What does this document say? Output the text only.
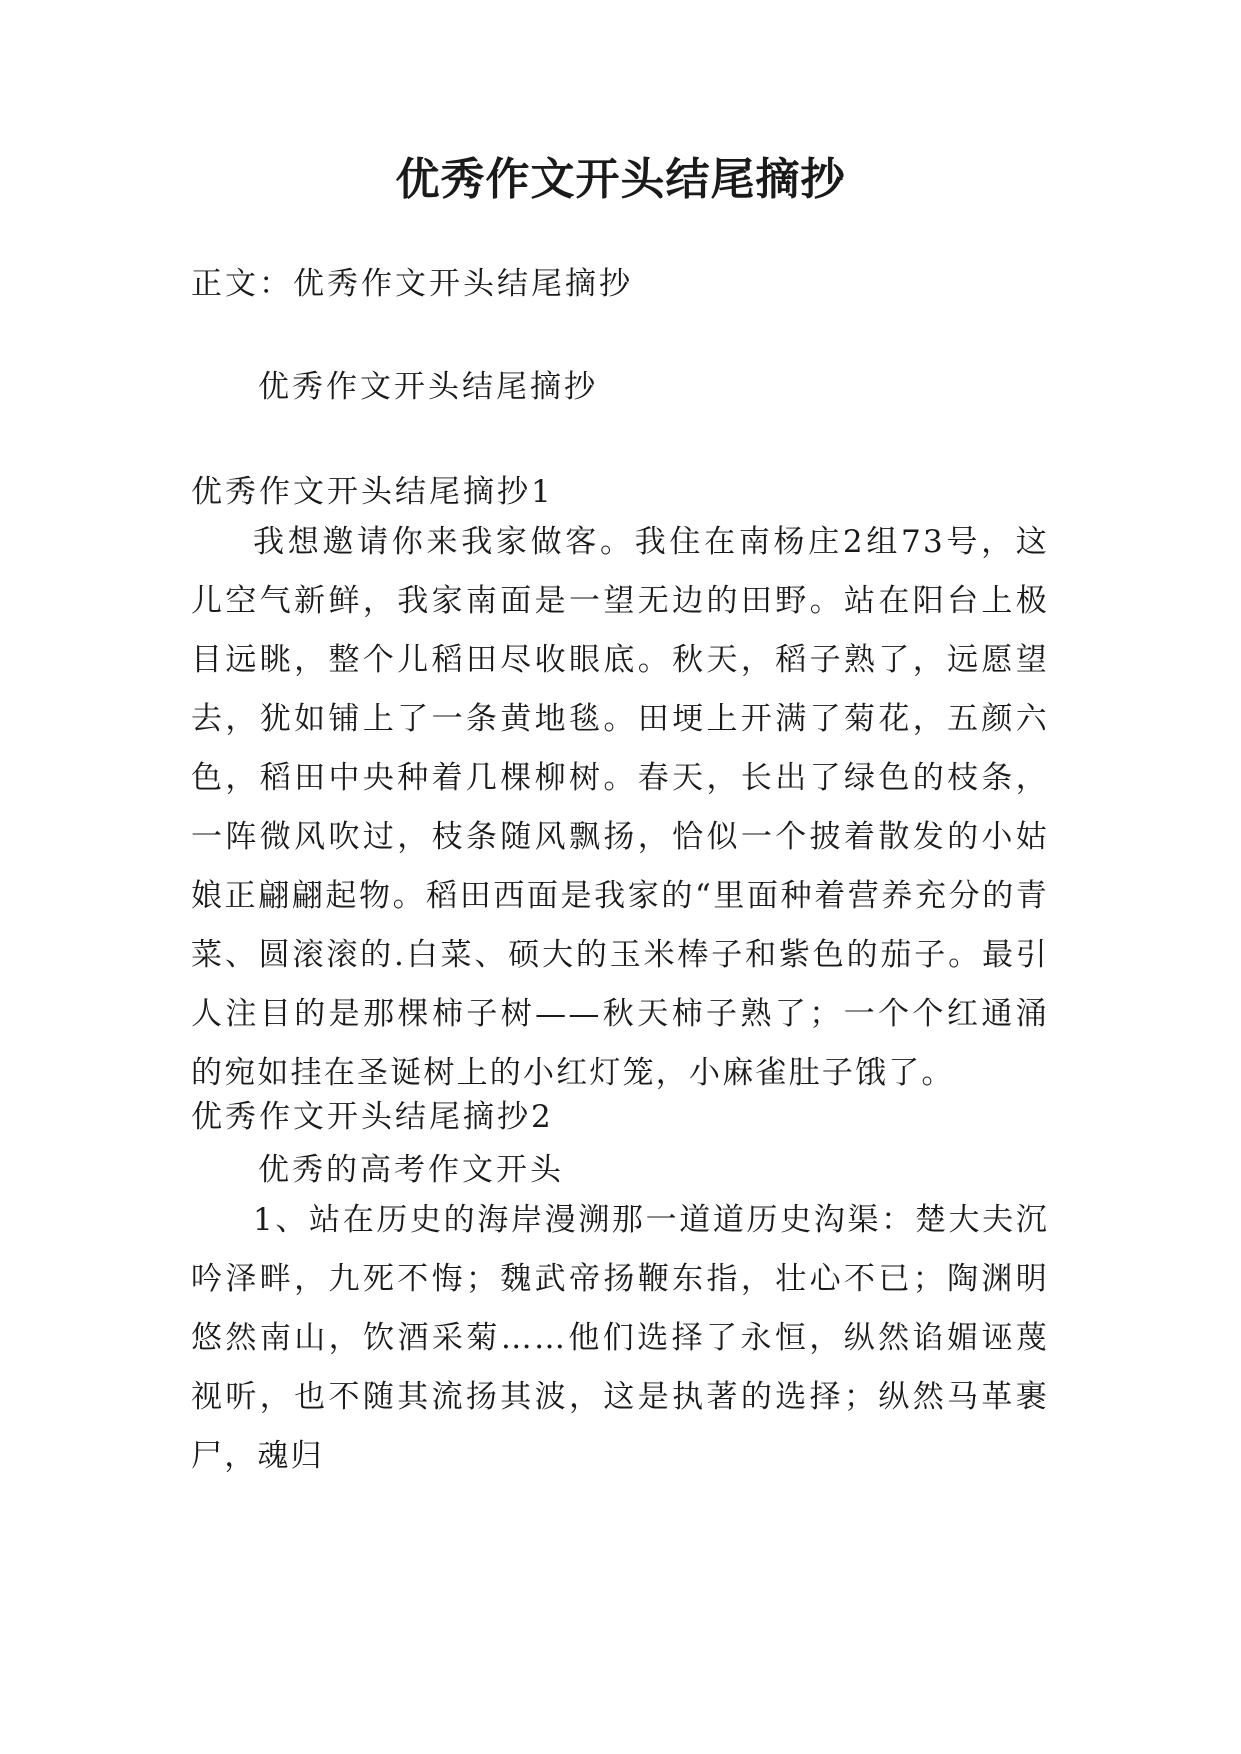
优秀作文开头结尾摘抄
正文：优秀作文开头结尾摘抄
优秀作文开头结尾摘抄
优秀作文开头结尾摘抄1
我想邀请你来我家做客。我住在南杨庄2组73号，这儿空气新鲜，我家南面是一望无边的田野。站在阳台上极目远眺，整个儿稻田尽收眼底。秋天，稻子熟了，远愿望去，犹如铺上了一条黄地毯。田埂上开满了菊花，五颜六色，稻田中央种着几棵柳树。春天，长出了绿色的枝条，一阵微风吹过，枝条随风飘扬，恰似一个披着散发的小姑娘正翩翩起物。稻田西面是我家的“里面种着营养充分的青菜、圆滚滚的.白菜、硕大的玉米棒子和紫色的茄子。最引人注目的是那棵柿子树——秋天柿子熟了；一个个红通涌的宛如挂在圣诞树上的小红灯笼，小麻雀肚子饿了。
优秀作文开头结尾摘抄2
优秀的高考作文开头
1、站在历史的海岸漫溯那一道道历史沟渠：楚大夫沉吟泽畔，九死不悔；魏武帝扬鞭东指，壮心不已；陶渊明悠然南山，饮酒采菊……他们选择了永恒，纵然谄媚诬蔑视听，也不随其流扬其波，这是执著的选择；纵然马革裹尸，魂归
